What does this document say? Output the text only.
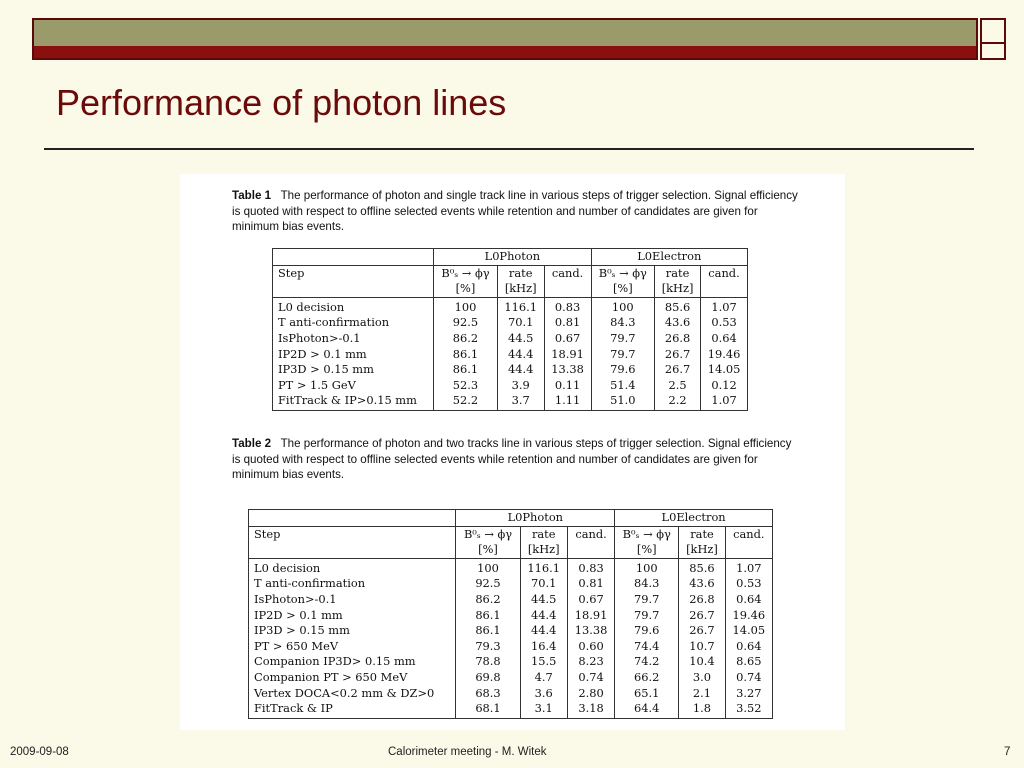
Performance of photon lines
Table 1 The performance of photon and single track line in various steps of trigger selection. Signal efficiency is quoted with respect to offline selected events while retention and number of candidates are given for minimum bias events.
	L0Photon			L0Electron		
Step	B⁰ₛ → ϕγ	rate	cand.	B⁰ₛ → ϕγ	rate	cand.
	[%]	[kHz]		[%]	[kHz]	
L0 decision	100	116.1	0.83	100	85.6	1.07
T anti-confirmation	92.5	70.1	0.81	84.3	43.6	0.53
IsPhoton>-0.1	86.2	44.5	0.67	79.7	26.8	0.64
IP2D > 0.1 mm	86.1	44.4	18.91	79.7	26.7	19.46
IP3D > 0.15 mm	86.1	44.4	13.38	79.6	26.7	14.05
PT > 1.5 GeV	52.3	3.9	0.11	51.4	2.5	0.12
FitTrack & IP>0.15 mm	52.2	3.7	1.11	51.0	2.2	1.07
Table 2 The performance of photon and two tracks line in various steps of trigger selection. Signal efficiency is quoted with respect to offline selected events while retention and number of candidates are given for minimum bias events.
	L0Photon			L0Electron		
Step	B⁰ₛ → ϕγ	rate	cand.	B⁰ₛ → ϕγ	rate	cand.
	[%]	[kHz]		[%]	[kHz]	
L0 decision	100	116.1	0.83	100	85.6	1.07
T anti-confirmation	92.5	70.1	0.81	84.3	43.6	0.53
IsPhoton>-0.1	86.2	44.5	0.67	79.7	26.8	0.64
IP2D > 0.1 mm	86.1	44.4	18.91	79.7	26.7	19.46
IP3D > 0.15 mm	86.1	44.4	13.38	79.6	26.7	14.05
PT > 650 MeV	79.3	16.4	0.60	74.4	10.7	0.64
Companion IP3D> 0.15 mm	78.8	15.5	8.23	74.2	10.4	8.65
Companion PT > 650 MeV	69.8	4.7	0.74	66.2	3.0	0.74
Vertex DOCA<0.2 mm & DZ>0	68.3	3.6	2.80	65.1	2.1	3.27
FitTrack & IP	68.1	3.1	3.18	64.4	1.8	3.52
2009-09-08	Calorimeter meeting - M. Witek	7
